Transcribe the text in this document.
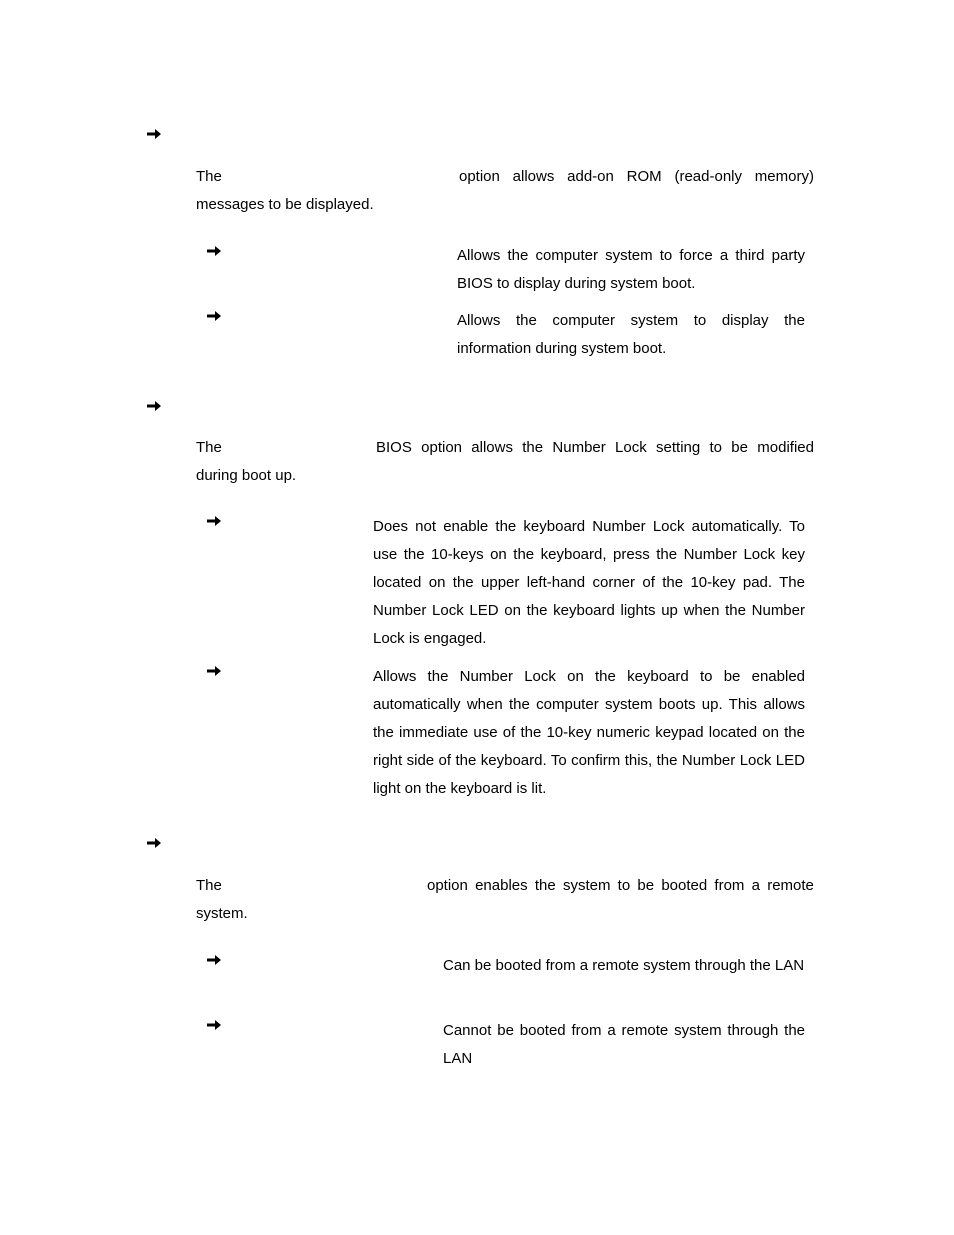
The	option allows add-on ROM (read-only memory)
messages to be displayed.
Allows the computer system to force a third party BIOS to display during system boot.
Allows the computer system to display the information during system boot.
The	BIOS option allows the Number Lock setting to be modified
during boot up.
Does not enable the keyboard Number Lock automatically. To use the 10-keys on the keyboard, press the Number Lock key located on the upper left-hand corner of the 10-key pad. The Number Lock LED on the keyboard lights up when the Number Lock is engaged.
Allows the Number Lock on the keyboard to be enabled automatically when the computer system boots up. This allows the immediate use of the 10-key numeric keypad located on the right side of the keyboard. To confirm this, the Number Lock LED light on the keyboard is lit.
The	option enables the system to be booted from a remote
system.
Can be booted from a remote system through the LAN
Cannot be booted from a remote system through the LAN
